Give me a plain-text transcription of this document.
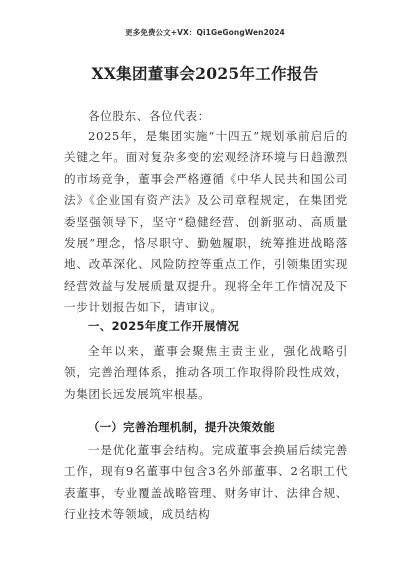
更多免费公文+VX：Qi1GeGongWen2024
XX集团董事会2025年工作报告
各位股东、各位代表：
2025年，是集团实施“十四五”规划承前启后的关键之年。面对复杂多变的宏观经济环境与日趋激烈的市场竞争，董事会严格遵循《中华人民共和国公司法》《企业国有资产法》及公司章程规定，在集团党委坚强领导下，坚守“稳健经营、创新驱动、高质量发展”理念，恪尽职守、勤勉履职，统筹推进战略落地、改革深化、风险防控等重点工作，引领集团实现经营效益与发展质量双提升。现将全年工作情况及下一步计划报告如下，请审议。
一、2025年度工作开展情况
全年以来，董事会聚焦主责主业，强化战略引领，完善治理体系，推动各项工作取得阶段性成效，为集团长远发展筑牢根基。
（一）完善治理机制，提升决策效能
一是优化董事会结构。完成董事会换届后续完善工作，现有9名董事中包含3名外部董事、2名职工代表董事，专业覆盖战略管理、财务审计、法律合规、行业技术等领域，成员结构
